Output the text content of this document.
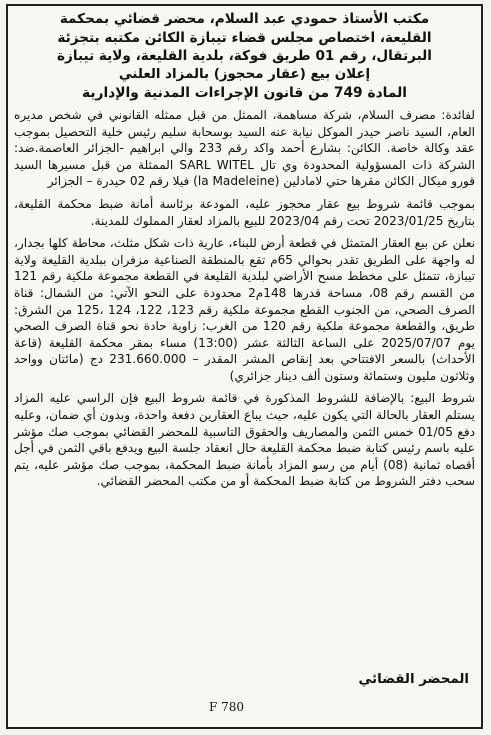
مكتب الأستاذ حمودي عبد السلام، محضر قضائي بمحكمة
القليعة، اختصاص مجلس قضاء تيبازة الكائن مكتبه بتجزئة
البرتقال، رقم 01 طريق فوكة، بلدية القليعة، ولاية تيبازة
إعلان بيع (عقار محجوز) بالمزاد العلني
المادة 749 من قانون الإجراءات المدنية والإدارية

لفائدة: مصرف السلام، شركة مساهمة، الممثل من قبل ممثله القانوني في شخص مديره العام، السيد ناصر حيدر الموكل نيابة عنه السيد بوسحابة سليم رئيس خلية التحصيل بموجب عقد وكالة خاصة. الكائن: بشارع أحمد واكد رقم 233 والي ابراهيم -الجزائر العاصمة.ضد: الشركة ذات المسؤولية المحدودة وي تال SARL WITEL الممثلة من قبل مسيرها السيد قورو ميكال الكائن مقرها حتي لامادلين (la Madeleine) فيلا رقم 02 حيدرة – الجزائر

بموجب قائمة شروط بيع عقار محجوز عليه، المودعة برئاسة أمانة ضبط محكمة القليعة، بتاريخ 2023/01/25 تحت رقم 2023/04 للبيع بالمزاد لعقار المملوك للمدينة.

نعلن عن بيع العقار المتمثل في قطعة أرض للبناء، عارية ذات شكل مثلث، محاطة كلها بجدار، له واجهة على الطريق تقدر بحوالي 65م تقع بالمنطقة الصناعية مزفران ببلدية القليعة ولاية تيبازة، تتمثل على مخطط مسح الأراضي لبلدية القليعة في القطعة مجموعة ملكية رقم 121 من القسم رقم 08، مساحة قدرها 148م2 محدودة على النحو الآتي: من الشمال: قناة الصرف الصحي، من الجنوب القطع مجموعة ملكية رقم 123، 122، 124 ،125 من الشرق: طريق، والقطعة مجموعة ملكية رقم 120 من الغرب: زاوية حادة نحو قناة الصرف الصحي يوم 2025/07/07 على الساعة الثالثة عشر (13:00) مساء بمقر محكمة القليعة (قاعة الأحداث) بالسعر الافتتاحي بعد إنقاص المشر المقدر – 231.660.000 دج (مائتان وواحد وثلاثون مليون وستمائة وستون ألف دينار جزائري)

شروط البيع: بالإضافة للشروط المذكورة في قائمة شروط البيع فإن الراسي عليه المزاد يستلم العقار بالحالة التي يكون عليه، حيث يباع العقارين دفعة واحدة، وبدون أي ضمان، وعليه دفع 01/05 خمس الثمن والمصاريف والحقوق التاسبية للمحضر القضائي بموجب صك مؤشر عليه باسم رئيس كتابة ضبط محكمة القليعة حال انعقاد جلسة البيع ويدفع باقي الثمن في أجل أقصاه ثمانية (08) أيام من رسو المزاد بأمانة ضبط المحكمة، بموجب صك مؤشر عليه، يتم سحب دفتر الشروط من كتابة ضبط المحكمة أو من مكتب المحضر القضائي.

المحضر القضائي
F 780
